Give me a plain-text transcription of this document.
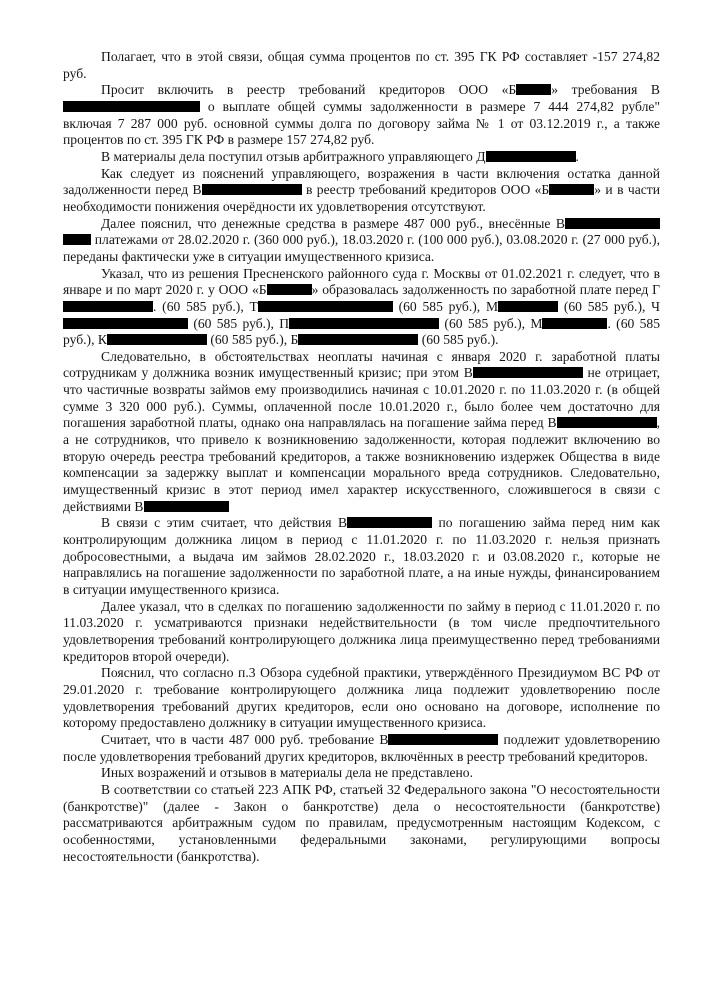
Полагает, что в этой связи, общая сумма процентов по ст. 395 ГК РФ составляет -157 274,82 руб.

Просит включить в реестр требований кредиторов ООО «Б	» требования В о выплате общей суммы задолженности в размере 7 444 274,82 рубле" включая 7 287 000 руб. основной суммы долга по договору займа № 1 от 03.12.2019 г., а также процентов по ст. 395 ГК РФ в размере 157 274,82 руб.

В материалы дела поступил отзыв арбитражного управляющего Д	.

Как следует из пояснений управляющего, возражения в части включения остатка данной задолженности перед В	в реестр требований кредиторов ООО «Б	» и в части необходимости понижения очерёдности их удовлетворения отсутствуют.

Далее пояснил, что денежные средства в размере 487 000 руб., внесённые В платежами от 28.02.2020 г. (360 000 руб.), 18.03.2020 г. (100 000 руб.), 03.08.2020 г. (27 000 руб.), переданы фактически уже в ситуации имущественного кризиса.

Указал, что из решения Пресненского районного суда г. Москвы от 01.02.2021 г. следует, что в январе и по март 2020 г. у ООО «Б	» образовалась задолженность по заработной плате перед Г. (60 585 руб.), Т	(60 585 руб.), М	(60 585 руб.), Ч (60 585 руб.), П	(60 585 руб.), М	. (60 585 руб.), К	(60 585 руб.), Б	(60 585 руб.).

Следовательно, в обстоятельствах неоплаты начиная с января 2020 г. заработной платы сотрудникам у должника возник имущественный кризис; при этом В	не отрицает, что частичные возвраты займов ему производились начиная с 10.01.2020 г. по 11.03.2020 г. (в общей сумме 3 320 000 руб.). Суммы, оплаченной после 10.01.2020 г., было более чем достаточно для погашения заработной платы, однако она направлялась на погашение займа перед В	, а не сотрудников, что привело к возникновению задолженности, которая подлежит включению во вторую очередь реестра требований кредиторов, а также возникновению издержек Общества в виде компенсации за задержку выплат и компенсации морального вреда сотрудников. Следовательно, имущественный кризис в этот период имел характер искусственного, сложившегося в связи с действиями В

В связи с этим считает, что действия В	по погашению займа перед ним как контролирующим должника лицом в период с 11.01.2020 г. по 11.03.2020 г. нельзя признать добросовестными, а выдача им займов 28.02.2020 г., 18.03.2020 г. и 03.08.2020 г., которые не направлялись на погашение задолженности по заработной плате, а на иные нужды, финансированием в ситуации имущественного кризиса.

Далее указал, что в сделках по погашению задолженности по займу в период с 11.01.2020 г. по 11.03.2020 г. усматриваются признаки недействительности (в том числе предпочтительного удовлетворения требований контролирующего должника лица преимущественно перед требованиями кредиторов второй очереди).

Пояснил, что согласно п.3 Обзора судебной практики, утверждённого Президиумом ВС РФ от 29.01.2020 г. требование контролирующего должника лица подлежит удовлетворению после удовлетворения требований других кредиторов, если оно основано на договоре, исполнение по которому предоставлено должнику в ситуации имущественного кризиса.

Считает, что в части 487 000 руб. требование В	подлежит удовлетворению после удовлетворения требований других кредиторов, включённых в реестр требований кредиторов.

Иных возражений и отзывов в материалы дела не представлено.

В соответствии со статьей 223 АПК РФ, статьей 32 Федерального закона "О несостоятельности (банкротстве)" (далее - Закон о банкротстве) дела о несостоятельности (банкротстве) рассматриваются арбитражным судом по правилам, предусмотренным настоящим Кодексом, с особенностями, установленными федеральными законами, регулирующими вопросы несостоятельности (банкротства).
